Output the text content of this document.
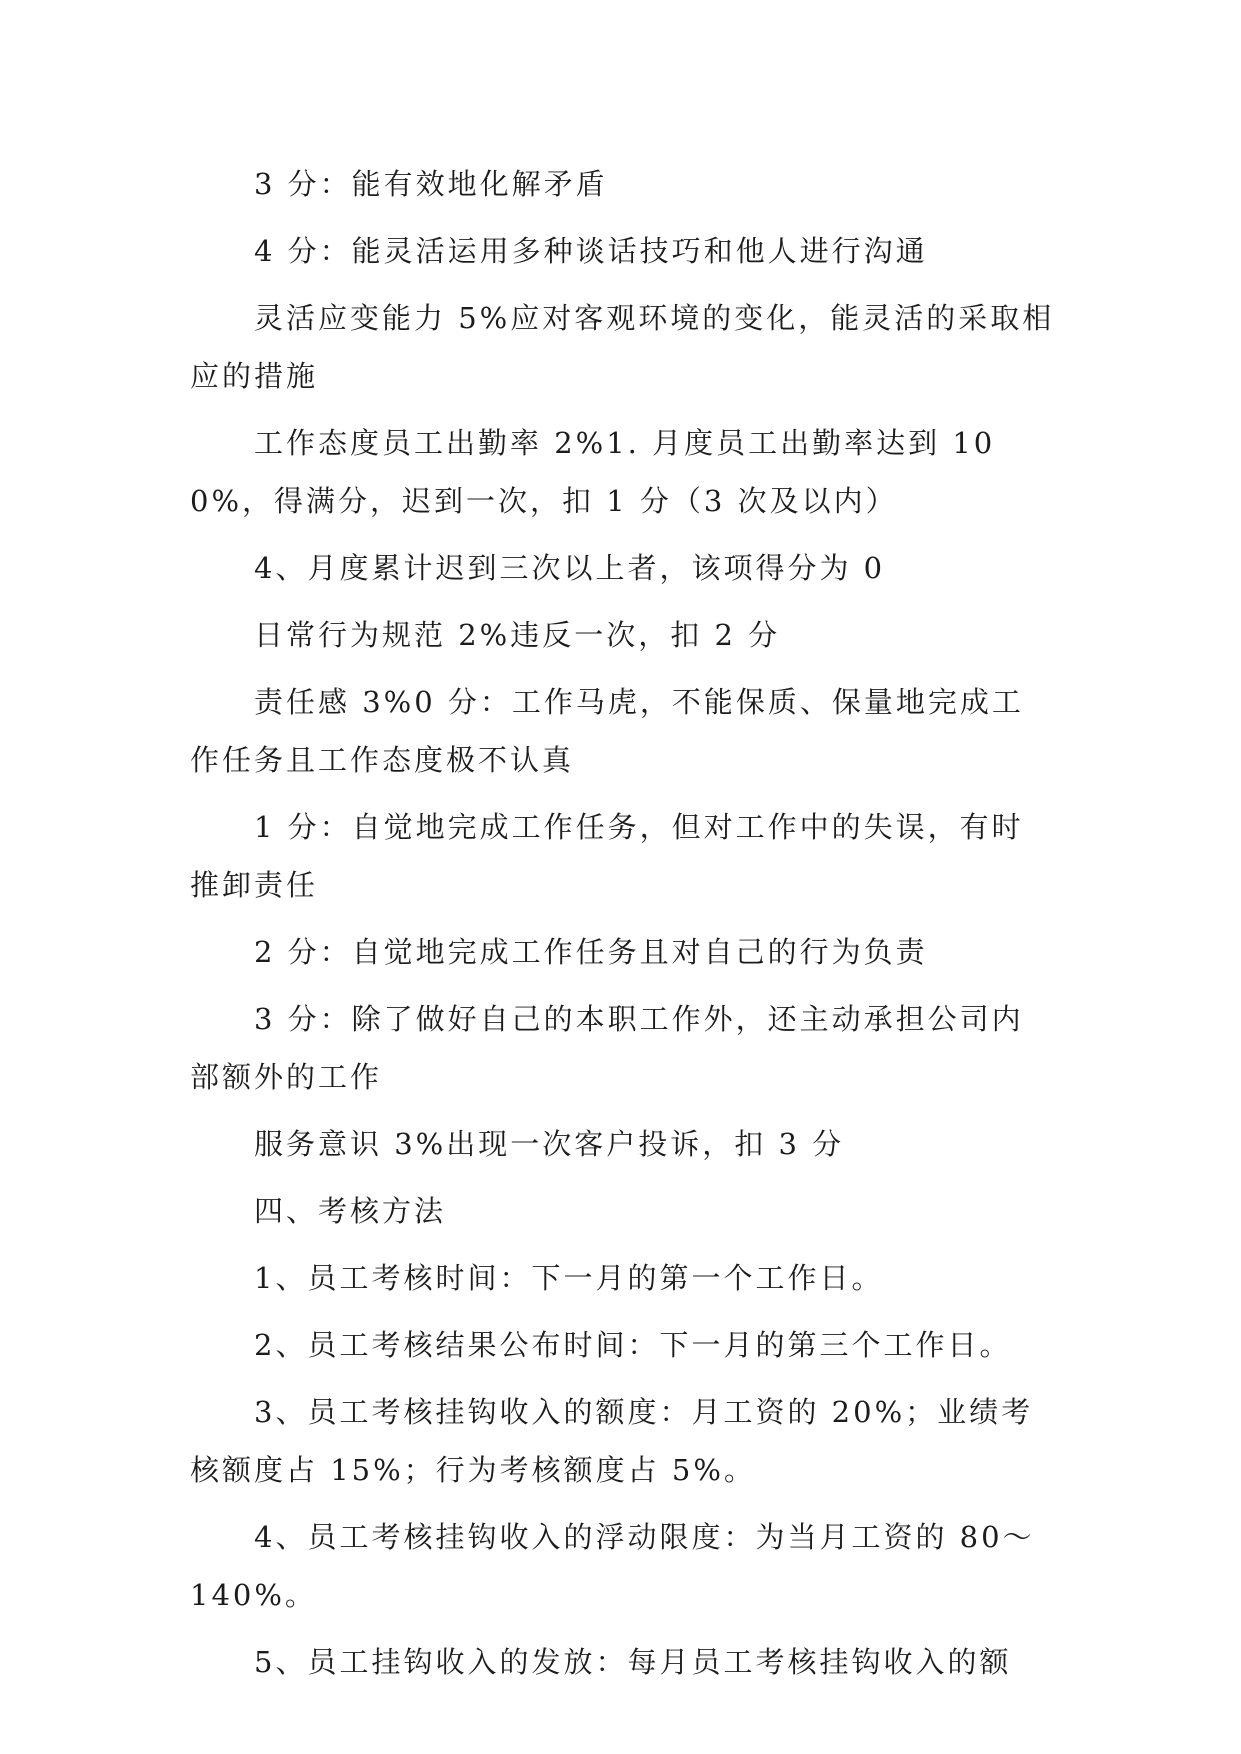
3 分：能有效地化解矛盾

4 分：能灵活运用多种谈话技巧和他人进行沟通

灵活应变能力 5%应对客观环境的变化，能灵活的采取相应的措施

工作态度员工出勤率 2%1. 月度员工出勤率达到 100%，得满分，迟到一次，扣 1 分（3 次及以内）

4、月度累计迟到三次以上者，该项得分为 0

日常行为规范 2%违反一次，扣 2 分

责任感 3%0 分：工作马虎，不能保质、保量地完成工作任务且工作态度极不认真

1 分：自觉地完成工作任务，但对工作中的失误，有时推卸责任

2 分：自觉地完成工作任务且对自己的行为负责

3 分：除了做好自己的本职工作外，还主动承担公司内部额外的工作

服务意识 3%出现一次客户投诉，扣 3 分

四、考核方法

1、员工考核时间：下一月的第一个工作日。

2、员工考核结果公布时间：下一月的第三个工作日。

3、员工考核挂钩收入的额度：月工资的 20%；业绩考核额度占 15%；行为考核额度占 5%。

4、员工考核挂钩收入的浮动限度：为当月工资的 80～140%。

5、员工挂钩收入的发放：每月员工考核挂钩收入的额
